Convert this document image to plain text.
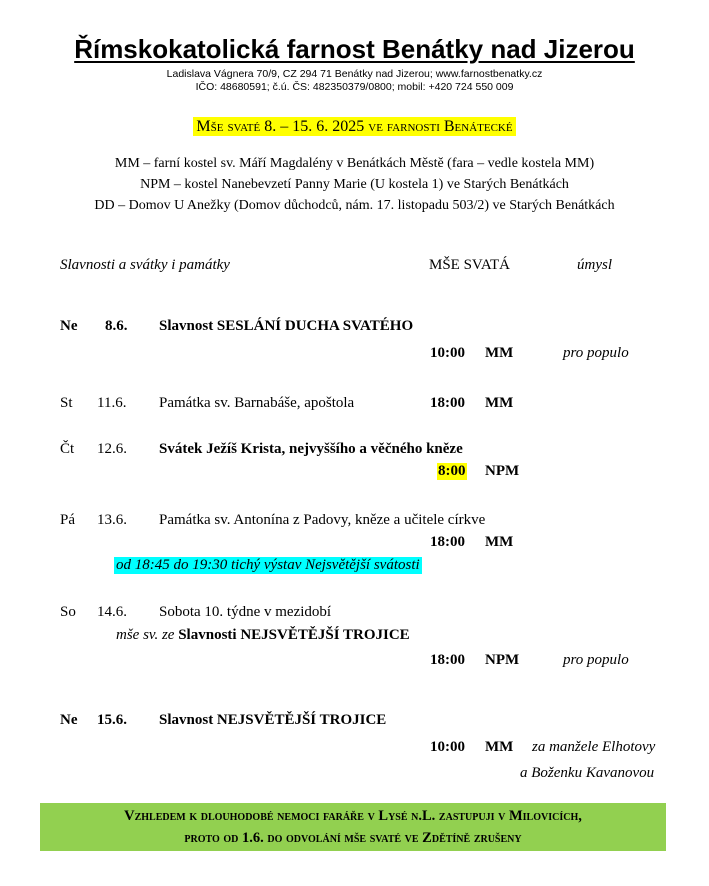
Římskokatolická farnost Benátky nad Jizerou
Ladislava Vágnera 70/9, CZ 294 71 Benátky nad Jizerou; www.farnostbenatky.cz
IČO: 48680591; č.ú. ČS: 482350379/0800; mobil: +420 724 550 009
Mše svaté 8. – 15. 6. 2025 ve farnosti Benátecké
MM – farní kostel sv. Máří Magdalény v Benátkách Městě (fara – vedle kostela MM)
NPM – kostel Nanebevzetí Panny Marie (U kostela 1) ve Starých Benátkách
DD – Domov U Anežky (Domov důchodců, nám. 17. listopadu 503/2) ve Starých Benátkách
Slavnosti a svátky i památky	MŠE SVATÁ	úmysl
Ne 8.6. Slavnost SESLÁNÍ DUCHA SVATÉHO
10:00 MM	pro populo
St 11.6. Památka sv. Barnabáše, apoštola	18:00 MM
Čt 12.6. Svátek Ježíš Krista, nejvyššího a věčného kněze
8:00 NPM
Pá 13.6. Památka sv. Antonína z Padovy, kněze a učitele církve
18:00 MM
od 18:45 do 19:30 tichý výstav Nejsvětější svátosti
So 14.6. Sobota 10. týdne v mezidobí
mše sv. ze Slavnosti NEJSVĚTĚJŠÍ TROJICE
18:00 NPM	pro populo
Ne 15.6. Slavnost NEJSVĚTĚJŠÍ TROJICE
10:00 MM za manžele Elhotovy
a Boženku Kavanovou
Vzhledem k dlouhodobé nemoci faráře v Lysé n.L. zastupuji v Milovicích,
proto od 1.6. do odvolání mše svaté ve Zdětíně zrušeny
